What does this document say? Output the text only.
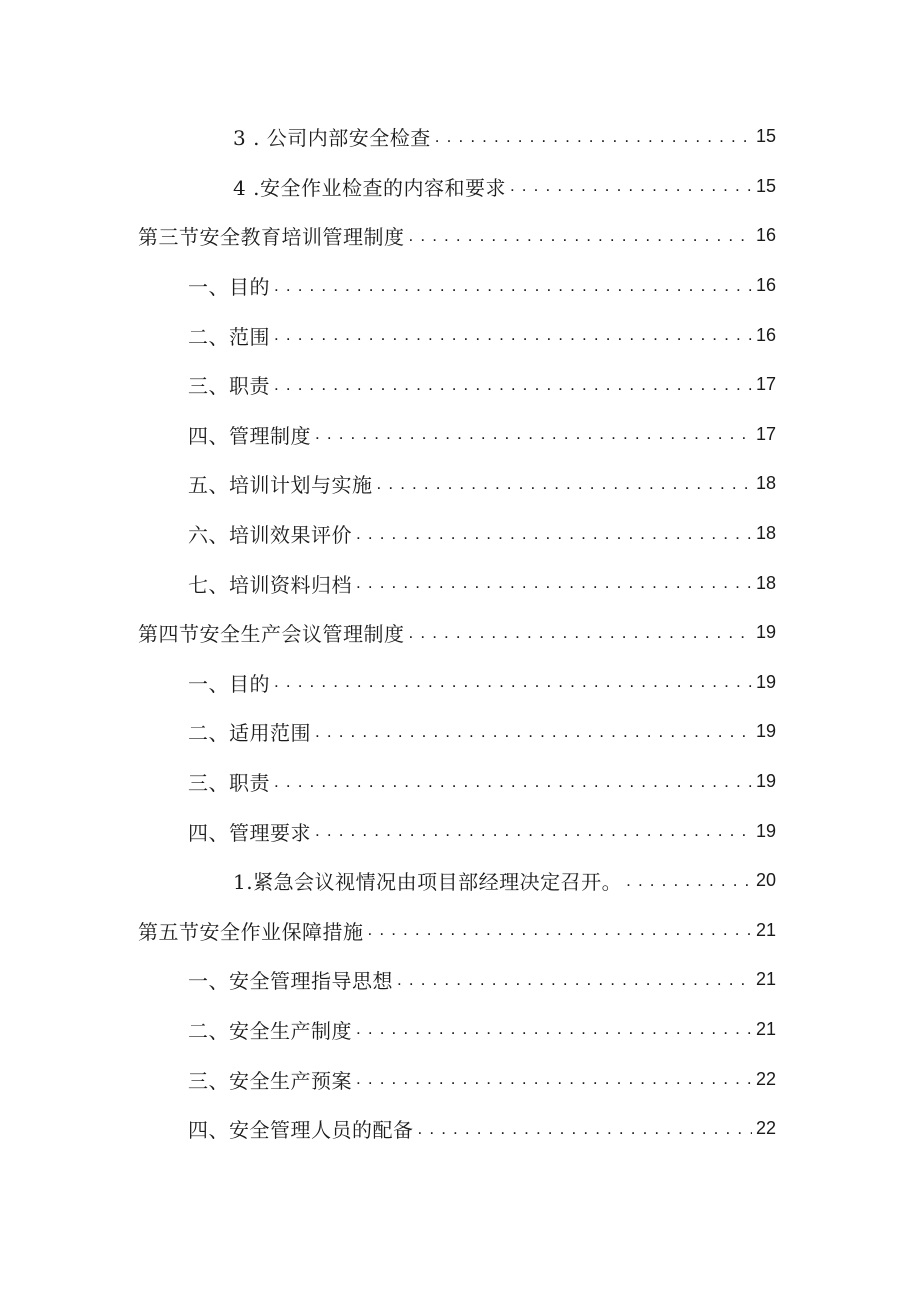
3 . 公司内部安全检查 . . .	15
4 .安全作业检查的内容和要求 . . .	15
第三节安全教育培训管理制度 . . .	16
一、目的 . . .	16
二、范围 . . .	16
三、职责 . . .	17
四、管理制度 . . .	17
五、培训计划与实施 . . .	18
六、培训效果评价 . . .	18
七、培训资料归档 . . .	18
第四节安全生产会议管理制度 . . .	19
一、目的 . . .	19
二、适用范围 . . .	19
三、职责 . . .	19
四、管理要求 . . .	19
1.紧急会议视情况由项目部经理决定召开。 . . .	20
第五节安全作业保障措施 . . .	21
一、安全管理指导思想 . . .	21
二、安全生产制度 . . .	21
三、安全生产预案 . . .	22
四、安全管理人员的配备 . . .	22
